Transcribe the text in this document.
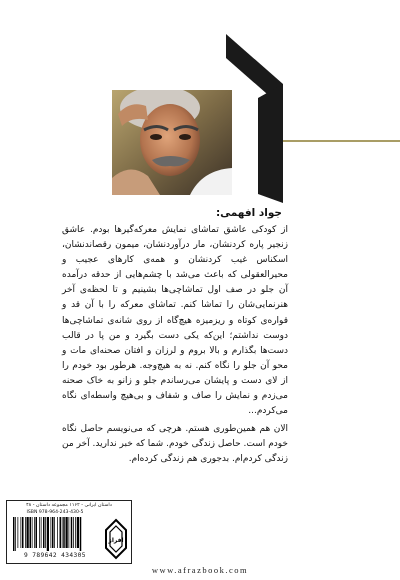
جواد افهمی:

از کودکی عاشق تماشای نمایش معرکه‌گیرها بودم. عاشق زنجیر پاره کردنشان، مار درآوردنشان، میمون رقصاندنشان، اسکناس غیب کردنشان و همه‌ی کارهای عجیب و محیرالعقولی که باعث می‌شد با چشم‌هایی از حدقه درآمده آن جلو در صف اول تماشاچی‌ها بشینیم و تا لحظه‌ی آخر هنرنمایی‌شان را تماشا کنم. تماشای معرکه را با آن قد و قواره‌ی کوتاه و ریزمیزه هیچ‌گاه از روی شانه‌ی تماشاچی‌ها دوست نداشتم؛ این‌که یکی دست بگیرد و من پا در قالب دست‌ها بگذارم و بالا بروم و لرزان و افتان صحنه‌ای مات و محو آن جلو را نگاه کنم. نه به هیچ‌وجه. هرطور بود خودم را از لای دست و پایشان می‌رساندم جلو و زانو به خاک صحنه می‌زدم و نمایش را صاف و شفاف و بی‌هیچ واسطه‌ای نگاه می‌کردم...

الان هم همین‌طوری هستم. هرچی که می‌نویسم حاصل نگاه خودم است. حاصل زندگی خودم. شما که خبر ندارید. آخر من زندگی کردم‌ام. بدجوری هم زندگی کرده‌ام.

داستان ایرانی - ۱۱۶۲ مجموعه داستان - ۴۸
ISBN 978-964-243-430-5
9 789642 434305
افراز

www.afrazbook.com
